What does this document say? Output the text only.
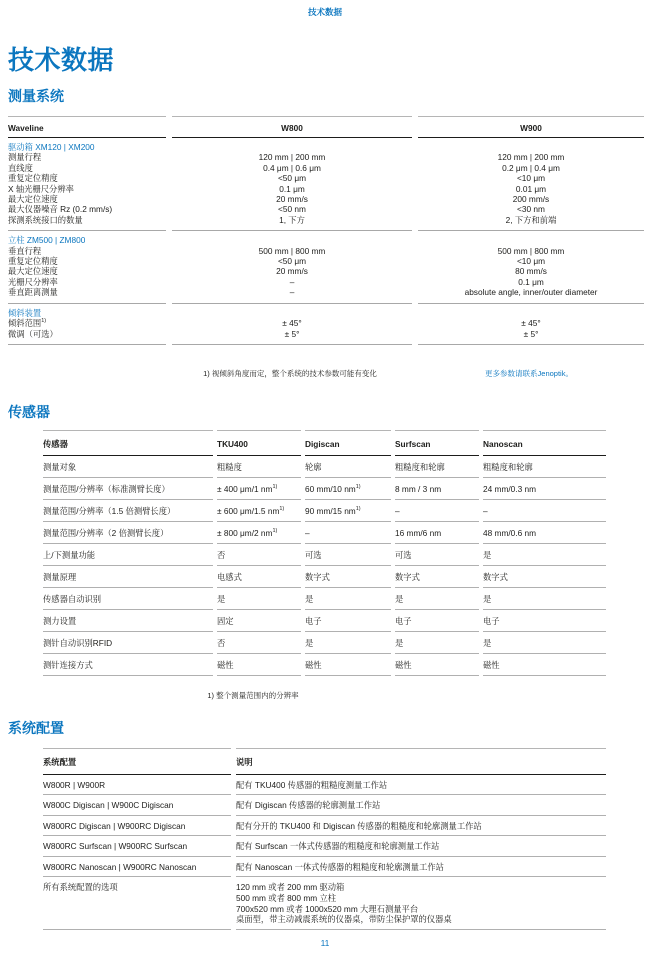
技术数据
技术数据
测量系统
Waveline	W800	W900
驱动箱 XM120 | XM200
测量行程	120 mm | 200 mm	120 mm | 200 mm
直线度	0.4 μm | 0.6 μm	0.2 μm | 0.4 μm
重复定位精度	<50 μm	<10 μm
X 轴光栅尺分辨率	0.1 μm	0.01 μm
最大定位速度	20 mm/s	200 mm/s
最大仪器噪音 Rz (0.2 mm/s)	<50 nm	<30 nm
探测系统接口的数量	1, 下方	2, 下方和前端
立柱 ZM500 | ZM800
垂直行程	500 mm | 800 mm	500 mm | 800 mm
重复定位精度	<50 μm	<10 μm
最大定位速度	20 mm/s	80 mm/s
光栅尺分辨率	–	0.1 μm
垂直距离测量	–	absolute angle, inner/outer diameter
倾斜装置
倾斜范围$^{1)}$	± 45°	± 45°
微调（可选）	± 5°	± 5°
1) 视倾斜角度而定，整个系统的技术参数可能有变化	更多参数请联系Jenoptik。
传感器
传感器	TKU400	Digiscan	Surfscan	Nanoscan
测量对象	粗糙度	轮廓	粗糙度和轮廓	粗糙度和轮廓
测量范围/分辨率（标准测臂长度）	± 400 μm/1 $nm^{1)}$	60 mm/10 $nm^{1)}$	8 mm / 3 nm	24 mm/0.3 nm
测量范围/分辨率（1.5 倍测臂长度）	± 600 μm/1.5 $nm^{1)}$	90 mm/15 $nm^{1)}$	–	–
测量范围/分辨率（2 倍测臂长度）	± 800 μm/2 $nm^{1)}$	–	16 mm/6 nm	48 mm/0.6 nm
上/下测量功能	否	可选	可选	是
测量原理	电感式	数字式	数字式	数字式
传感器自动识别	是	是	是	是
测力设置	固定	电子	电子	电子
测针自动识别RFID	否	是	是	是
测针连接方式	磁性	磁性	磁性	磁性
1) 整个测量范围内的分辨率
系统配置
系统配置	说明
W800R | W900R	配有 TKU400 传感器的粗糙度测量工作站
W800C Digiscan | W900C Digiscan	配有 Digiscan 传感器的轮廓测量工作站
W800RC Digiscan | W900RC Digiscan	配有分开的 TKU400 和 Digiscan 传感器的粗糙度和轮廓测量工作站
W800RC Surfscan | W900RC Surfscan	配有 Surfscan 一体式传感器的粗糙度和轮廓测量工作站
W800RC Nanoscan | W900RC Nanoscan	配有 Nanoscan 一体式传感器的粗糙度和轮廓测量工作站
所有系统配置的选项	120 mm 或者 200 mm 驱动箱
500 mm 或者 800 mm 立柱
700x520 mm 或者 1000x520 mm 大理石测量平台
桌面型，带主动减震系统的仪器桌，带防尘保护罩的仪器桌
11
